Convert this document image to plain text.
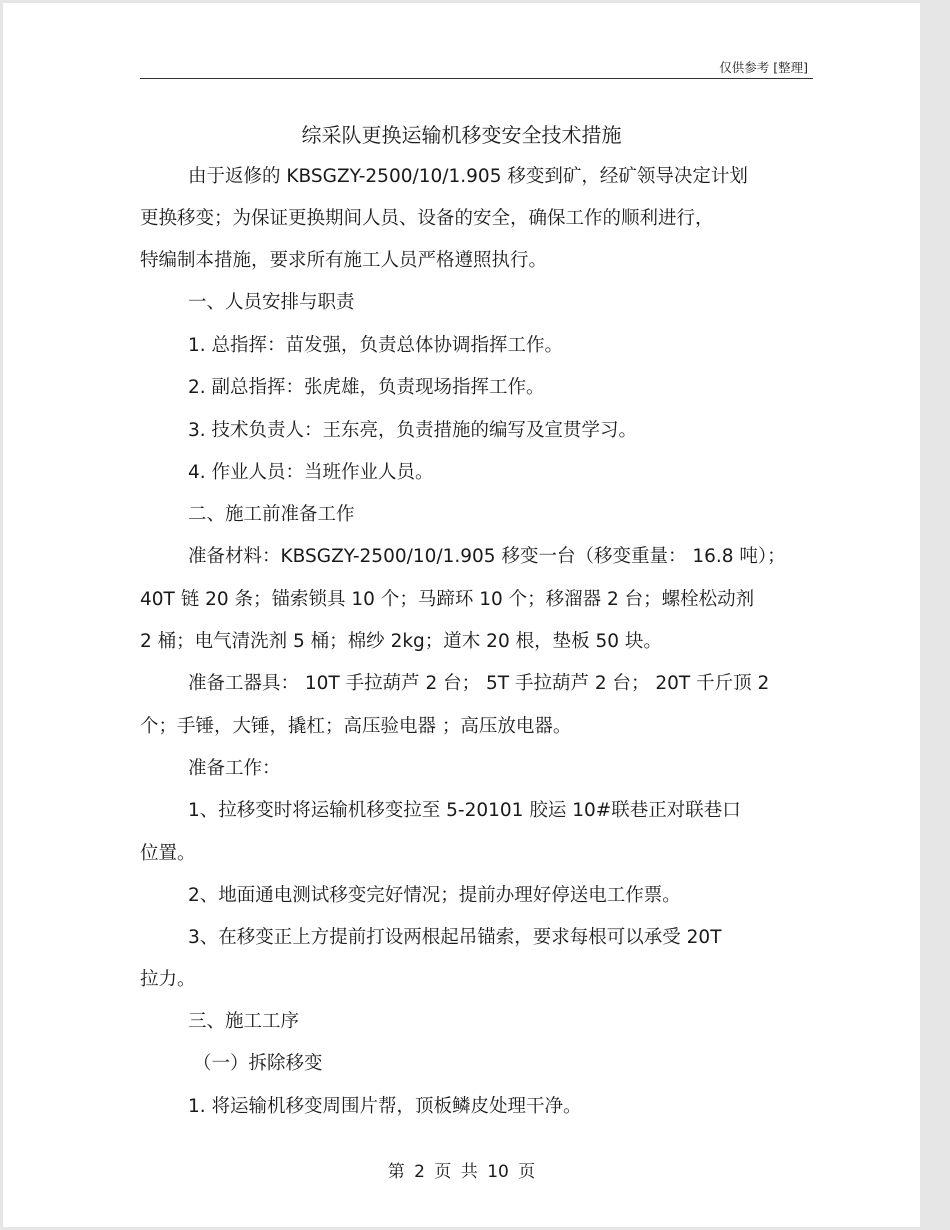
仅供参考 [整理]
综采队更换运输机移变安全技术措施
由于返修的 KBSGZY-2500/10/1.905 移变到矿，经矿领导决定计划
更换移变；为保证更换期间人员、设备的安全，确保工作的顺利进行，
特编制本措施，要求所有施工人员严格遵照执行。
一、人员安排与职责
1. 总指挥：苗发强，负责总体协调指挥工作。
2. 副总指挥：张虎雄，负责现场指挥工作。
3. 技术负责人：王东亮，负责措施的编写及宣贯学习。
4. 作业人员：当班作业人员。
二、施工前准备工作
准备材料：KBSGZY-2500/10/1.905 移变一台（移变重量： 16.8 吨）；
40T 链 20 条；锚索锁具 10 个；马蹄环 10 个；移溜器 2 台；螺栓松动剂
2 桶；电气清洗剂 5 桶；棉纱 2kg；道木 20 根，垫板 50 块。
准备工器具： 10T 手拉葫芦 2 台； 5T 手拉葫芦 2 台； 20T 千斤顶 2
个；手锤，大锤，撬杠；高压验电器 ；高压放电器。
准备工作：
1、拉移变时将运输机移变拉至 5-20101 胶运 10#联巷正对联巷口
位置。
2、地面通电测试移变完好情况；提前办理好停送电工作票。
3、在移变正上方提前打设两根起吊锚索，要求每根可以承受 20T
拉力。
三、施工工序
（一）拆除移变
1. 将运输机移变周围片帮，顶板鳞皮处理干净。
第 2 页 共 10 页
